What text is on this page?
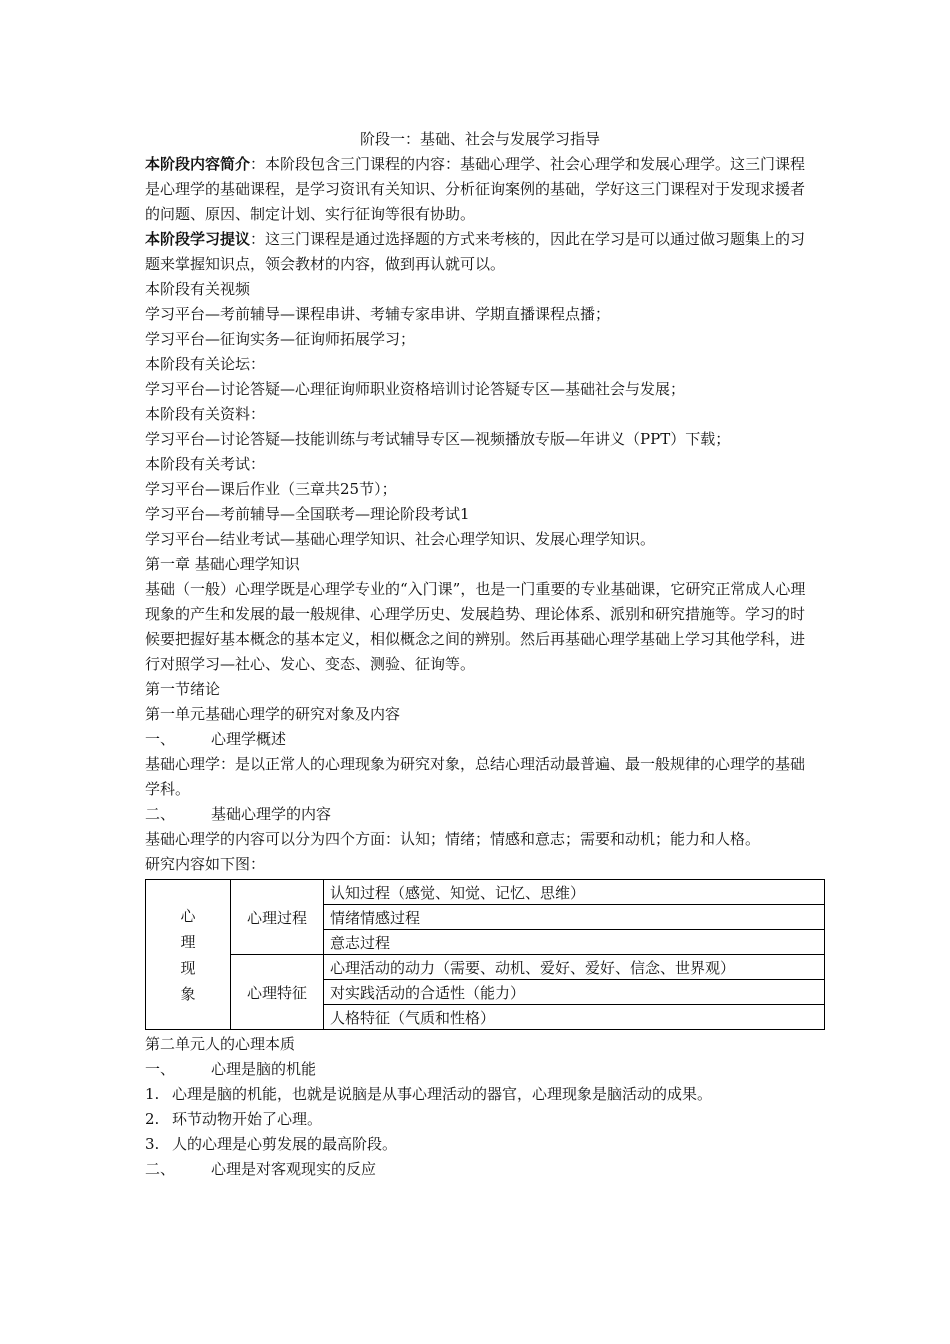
阶段一：基础、社会与发展学习指导

本阶段内容简介：本阶段包含三门课程的内容：基础心理学、社会心理学和发展心理学。这三门课程是心理学的基础课程，是学习资讯有关知识、分析征询案例的基础，学好这三门课程对于发现求援者的问题、原因、制定计划、实行征询等很有协助。

本阶段学习提议：这三门课程是通过选择题的方式来考核的，因此在学习是可以通过做习题集上的习题来掌握知识点，领会教材的内容，做到再认就可以。

本阶段有关视频

学习平台—考前辅导—课程串讲、考辅专家串讲、学期直播课程点播；

学习平台—征询实务—征询师拓展学习；

本阶段有关论坛：

学习平台—讨论答疑—心理征询师职业资格培训讨论答疑专区—基础社会与发展；

本阶段有关资料：

学习平台—讨论答疑—技能训练与考试辅导专区—视频播放专版—年讲义（PPT）下载；

本阶段有关考试：

学习平台—课后作业（三章共25节）；

学习平台—考前辅导—全国联考—理论阶段考试1

学习平台—结业考试—基础心理学知识、社会心理学知识、发展心理学知识。

第一章 基础心理学知识

基础（一般）心理学既是心理学专业的“入门课”，也是一门重要的专业基础课，它研究正常成人心理现象的产生和发展的最一般规律、心理学历史、发展趋势、理论体系、派别和研究措施等。学习的时候要把握好基本概念的基本定义，相似概念之间的辨别。然后再基础心理学基础上学习其他学科，进行对照学习—社心、发心、变态、测验、征询等。

第一节绪论

第一单元基础心理学的研究对象及内容

一、 心理学概述

基础心理学：是以正常人的心理现象为研究对象，总结心理活动最普遍、最一般规律的心理学的基础学科。

二、 基础心理学的内容

基础心理学的内容可以分为四个方面：认知；情绪；情感和意志；需要和动机；能力和人格。

研究内容如下图：

心
理
现
象	心理过程	认知过程（感觉、知觉、记忆、思维）
		情绪情感过程
		意志过程
	心理特征	心理活动的动力（需要、动机、爱好、爱好、信念、世界观）
		对实践活动的合适性（能力）
		人格特征（气质和性格）

第二单元人的心理本质

一、 心理是脑的机能

1. 心理是脑的机能，也就是说脑是从事心理活动的器官，心理现象是脑活动的成果。

2. 环节动物开始了心理。

3. 人的心理是心剪发展的最高阶段。

二、 心理是对客观现实的反应
